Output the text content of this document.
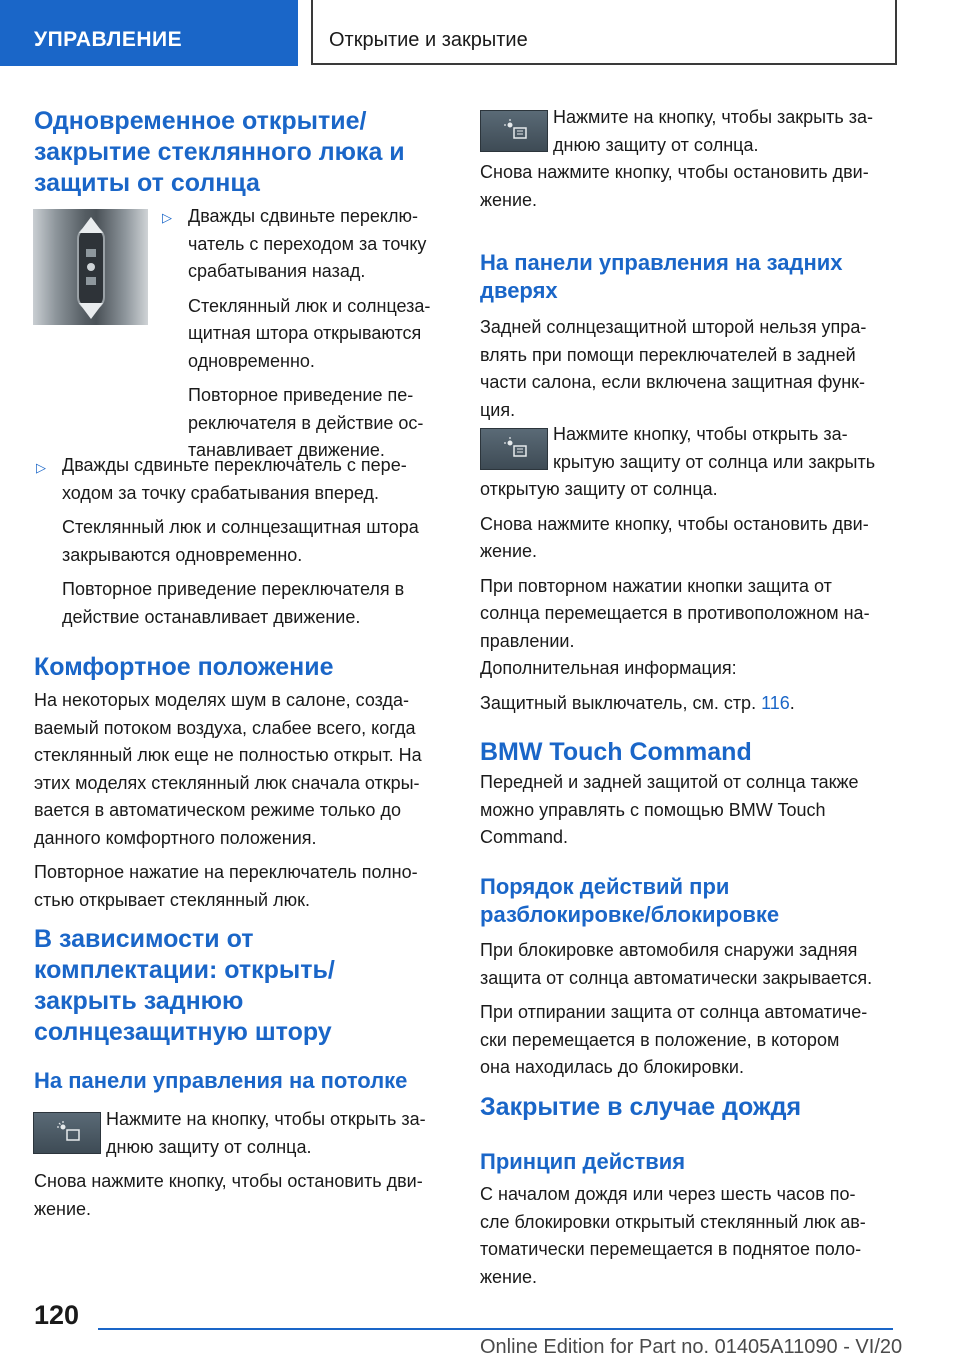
УПРАВЛЕНИЕ	Открытие и закрытие
Одновременное открытие/
закрытие стеклянного люка и
защиты от солнца
▷ Дважды сдвиньте переклю-
чатель с переходом за точку
срабатывания назад.
Стеклянный люк и солнцеза-
щитная штора открываются
одновременно.
Повторное приведение пе-
реключателя в действие ос-
танавливает движение.
▷ Дважды сдвиньте переключатель с пере-
ходом за точку срабатывания вперед.
Стеклянный люк и солнцезащитная штора
закрываются одновременно.
Повторное приведение переключателя в
действие останавливает движение.
Комфортное положение
На некоторых моделях шум в салоне, созда-
ваемый потоком воздуха, слабее всего, когда
стеклянный люк еще не полностью открыт. На
этих моделях стеклянный люк сначала откры-
вается в автоматическом режиме только до
данного комфортного положения.
Повторное нажатие на переключатель полно-
стью открывает стеклянный люк.
В зависимости от
комплектации: открыть/
закрыть заднюю
солнцезащитную штору
На панели управления на потолке
Нажмите на кнопку, чтобы открыть за-
днюю защиту от солнца.
Снова нажмите кнопку, чтобы остановить дви-
жение.
Нажмите на кнопку, чтобы закрыть за-
днюю защиту от солнца.
Снова нажмите кнопку, чтобы остановить дви-
жение.
На панели управления на задних
дверях
Задней солнцезащитной шторой нельзя упра-
влять при помощи переключателей в задней
части салона, если включена защитная функ-
ция.
Нажмите кнопку, чтобы открыть за-
крытую защиту от солнца или закрыть
открытую защиту от солнца.
Снова нажмите кнопку, чтобы остановить дви-
жение.
При повторном нажатии кнопки защита от
солнца перемещается в противоположном на-
правлении.
Дополнительная информация:
Защитный выключатель, см. стр. 116.
BMW Touch Command
Передней и задней защитой от солнца также
можно управлять с помощью BMW Touch
Command.
Порядок действий при
разблокировке/блокировке
При блокировке автомобиля снаружи задняя
защита от солнца автоматически закрывается.
При отпирании защита от солнца автоматиче-
ски перемещается в положение, в котором
она находилась до блокировки.
Закрытие в случае дождя
Принцип действия
С началом дождя или через шесть часов по-
сле блокировки открытый стеклянный люк ав-
томатически перемещается в поднятое поло-
жение.
120
Online Edition for Part no. 01405A11090 - VI/20
